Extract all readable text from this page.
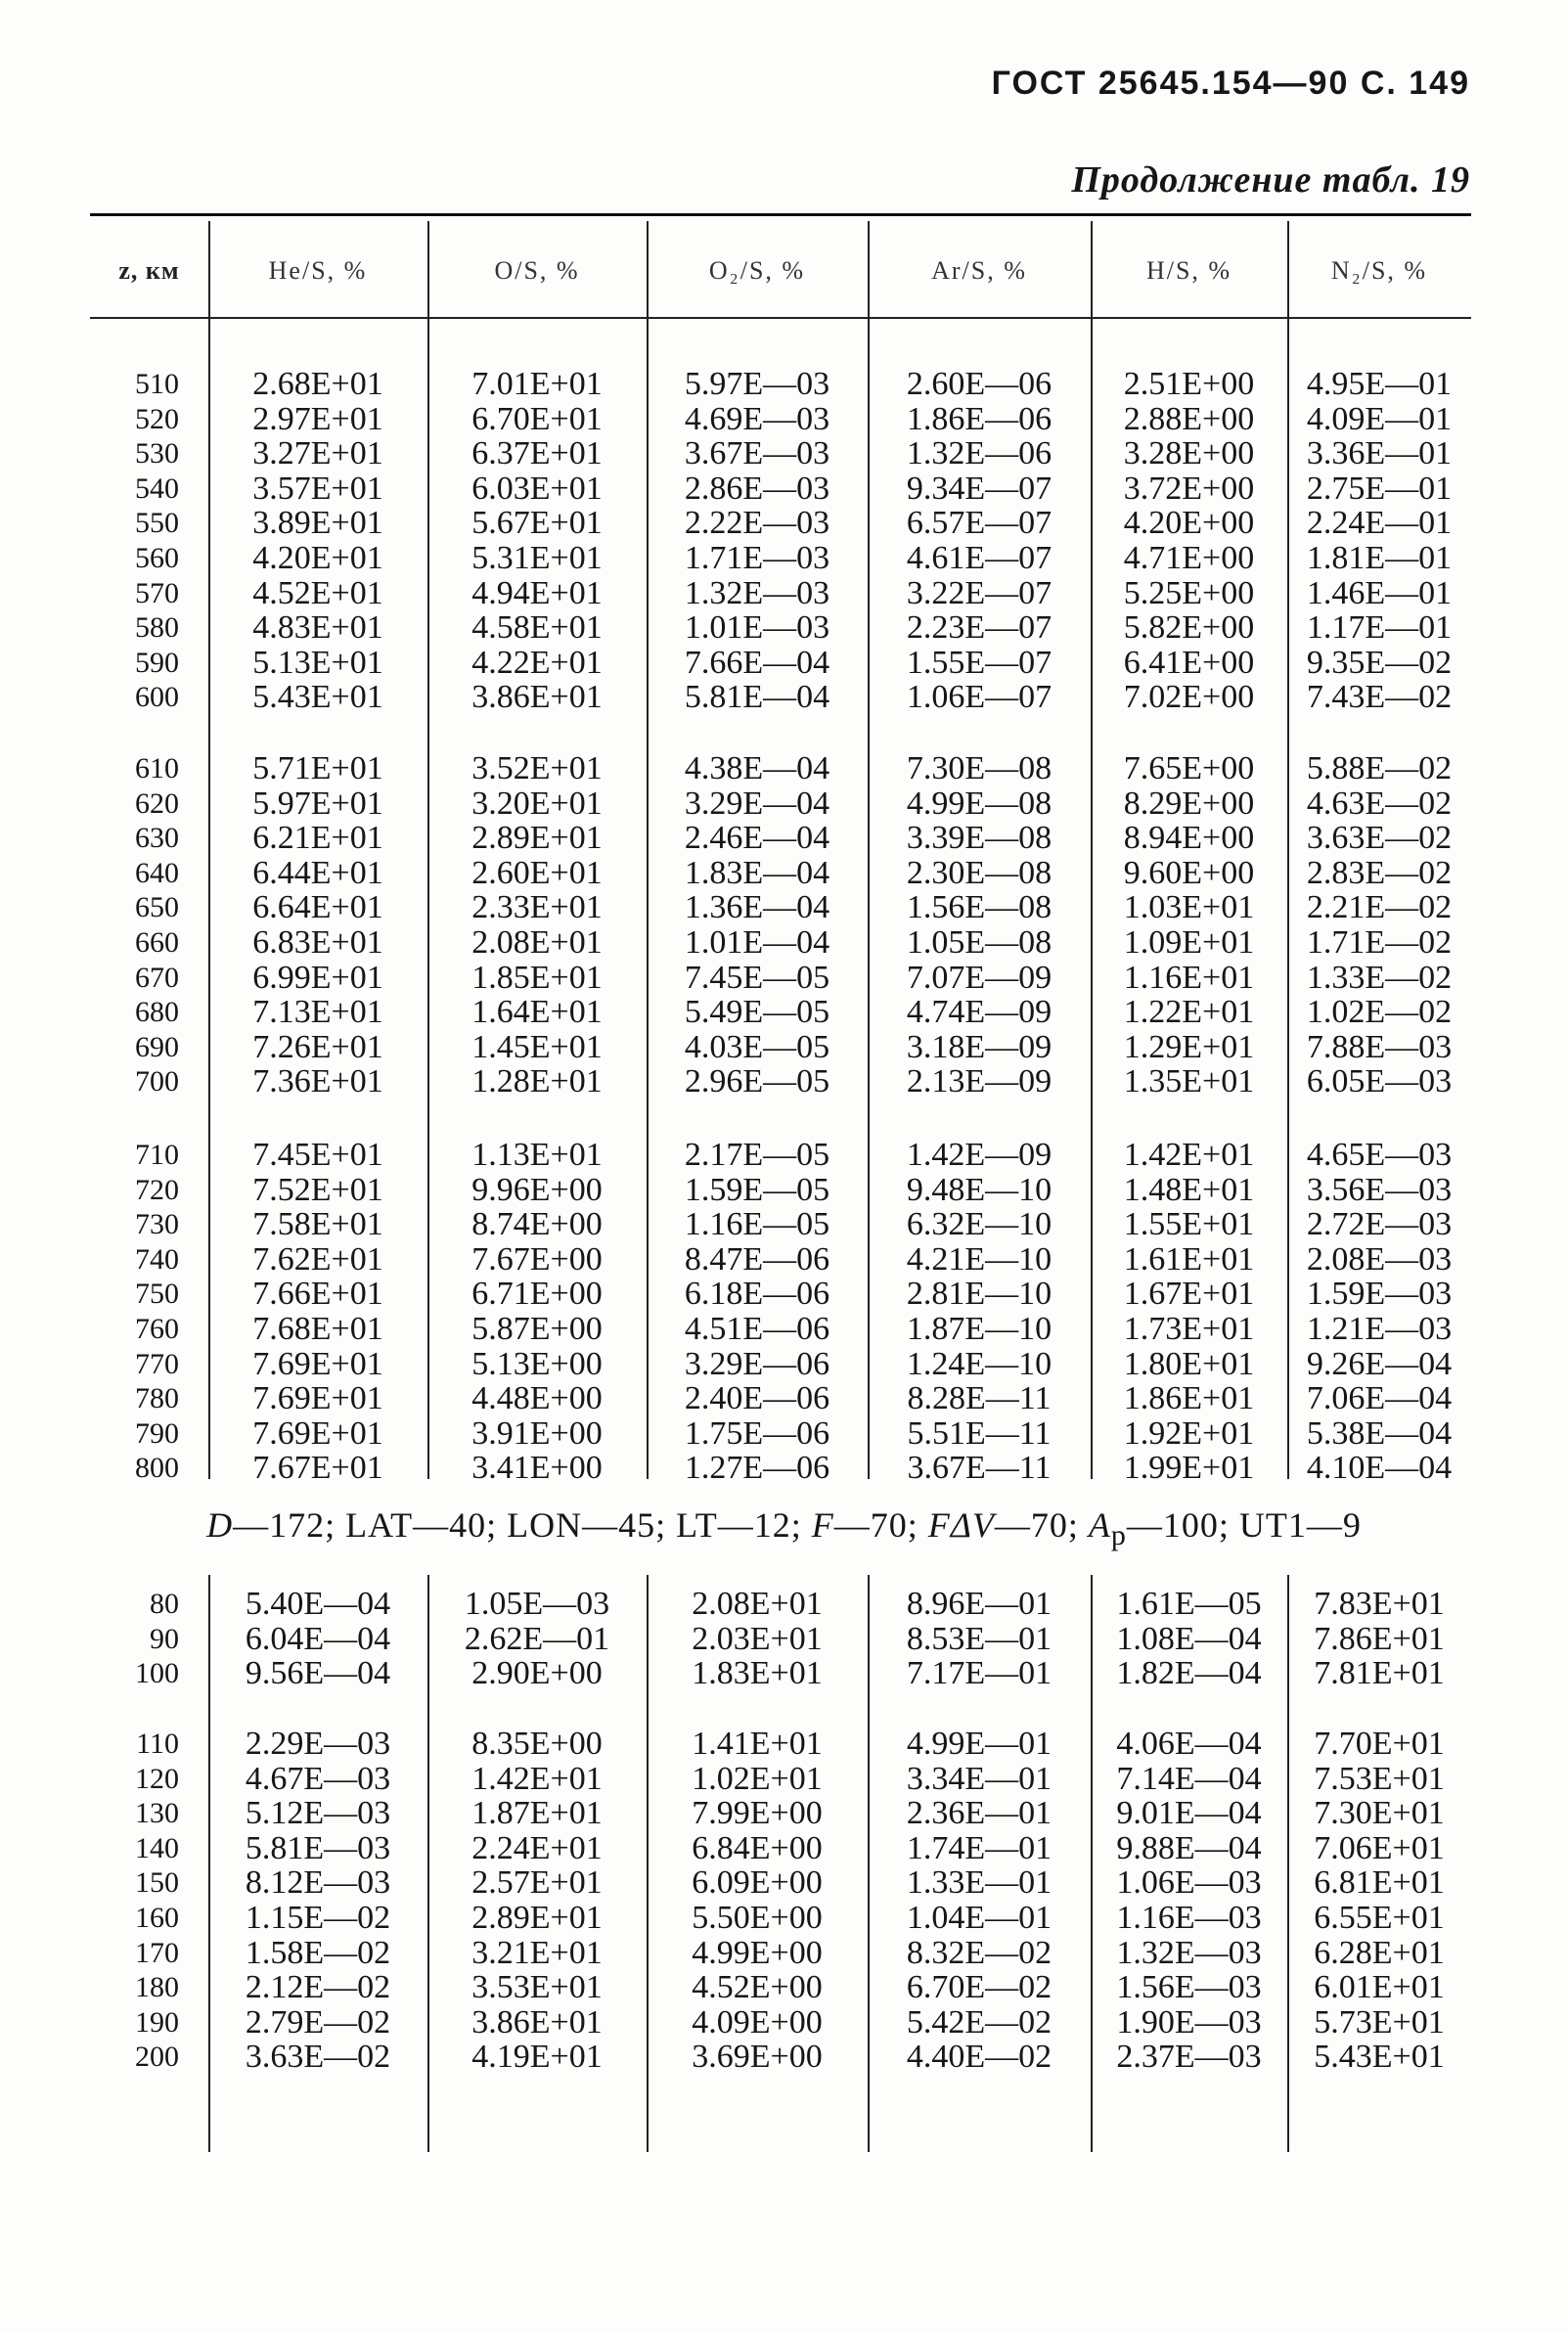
ГОСТ 25645.154—90 С. 149
Продолжение табл. 19
z, км	He/S, %	O/S, %	O₂/S, %	Ar/S, %	H/S, %	N₂/S, %
510	2.68E+01	7.01E+01	5.97E—03	2.60E—06	2.51E+00	4.95E—01
520	2.97E+01	6.70E+01	4.69E—03	1.86E—06	2.88E+00	4.09E—01
530	3.27E+01	6.37E+01	3.67E—03	1.32E—06	3.28E+00	3.36E—01
540	3.57E+01	6.03E+01	2.86E—03	9.34E—07	3.72E+00	2.75E—01
550	3.89E+01	5.67E+01	2.22E—03	6.57E—07	4.20E+00	2.24E—01
560	4.20E+01	5.31E+01	1.71E—03	4.61E—07	4.71E+00	1.81E—01
570	4.52E+01	4.94E+01	1.32E—03	3.22E—07	5.25E+00	1.46E—01
580	4.83E+01	4.58E+01	1.01E—03	2.23E—07	5.82E+00	1.17E—01
590	5.13E+01	4.22E+01	7.66E—04	1.55E—07	6.41E+00	9.35E—02
600	5.43E+01	3.86E+01	5.81E—04	1.06E—07	7.02E+00	7.43E—02
610	5.71E+01	3.52E+01	4.38E—04	7.30E—08	7.65E+00	5.88E—02
620	5.97E+01	3.20E+01	3.29E—04	4.99E—08	8.29E+00	4.63E—02
630	6.21E+01	2.89E+01	2.46E—04	3.39E—08	8.94E+00	3.63E—02
640	6.44E+01	2.60E+01	1.83E—04	2.30E—08	9.60E+00	2.83E—02
650	6.64E+01	2.33E+01	1.36E—04	1.56E—08	1.03E+01	2.21E—02
660	6.83E+01	2.08E+01	1.01E—04	1.05E—08	1.09E+01	1.71E—02
670	6.99E+01	1.85E+01	7.45E—05	7.07E—09	1.16E+01	1.33E—02
680	7.13E+01	1.64E+01	5.49E—05	4.74E—09	1.22E+01	1.02E—02
690	7.26E+01	1.45E+01	4.03E—05	3.18E—09	1.29E+01	7.88E—03
700	7.36E+01	1.28E+01	2.96E—05	2.13E—09	1.35E+01	6.05E—03
710	7.45E+01	1.13E+01	2.17E—05	1.42E—09	1.42E+01	4.65E—03
720	7.52E+01	9.96E+00	1.59E—05	9.48E—10	1.48E+01	3.56E—03
730	7.58E+01	8.74E+00	1.16E—05	6.32E—10	1.55E+01	2.72E—03
740	7.62E+01	7.67E+00	8.47E—06	4.21E—10	1.61E+01	2.08E—03
750	7.66E+01	6.71E+00	6.18E—06	2.81E—10	1.67E+01	1.59E—03
760	7.68E+01	5.87E+00	4.51E—06	1.87E—10	1.73E+01	1.21E—03
770	7.69E+01	5.13E+00	3.29E—06	1.24E—10	1.80E+01	9.26E—04
780	7.69E+01	4.48E+00	2.40E—06	8.28E—11	1.86E+01	7.06E—04
790	7.69E+01	3.91E+00	1.75E—06	5.51E—11	1.92E+01	5.38E—04
800	7.67E+01	3.41E+00	1.27E—06	3.67E—11	1.99E+01	4.10E—04
80	5.40E—04	1.05E—03	2.08E+01	8.96E—01	1.61E—05	7.83E+01
90	6.04E—04	2.62E—01	2.03E+01	8.53E—01	1.08E—04	7.86E+01
100	9.56E—04	2.90E+00	1.83E+01	7.17E—01	1.82E—04	7.81E+01
110	2.29E—03	8.35E+00	1.41E+01	4.99E—01	4.06E—04	7.70E+01
120	4.67E—03	1.42E+01	1.02E+01	3.34E—01	7.14E—04	7.53E+01
130	5.12E—03	1.87E+01	7.99E+00	2.36E—01	9.01E—04	7.30E+01
140	5.81E—03	2.24E+01	6.84E+00	1.74E—01	9.88E—04	7.06E+01
150	8.12E—03	2.57E+01	6.09E+00	1.33E—01	1.06E—03	6.81E+01
160	1.15E—02	2.89E+01	5.50E+00	1.04E—01	1.16E—03	6.55E+01
170	1.58E—02	3.21E+01	4.99E+00	8.32E—02	1.32E—03	6.28E+01
180	2.12E—02	3.53E+01	4.52E+00	6.70E—02	1.56E—03	6.01E+01
190	2.79E—02	3.86E+01	4.09E+00	5.42E—02	1.90E—03	5.73E+01
200	3.63E—02	4.19E+01	3.69E+00	4.40E—02	2.37E—03	5.43E+01
D—172; LAT—40; LON—45; LT—12; F—70; FΔV—70; $A_p—100$; UT1—9
